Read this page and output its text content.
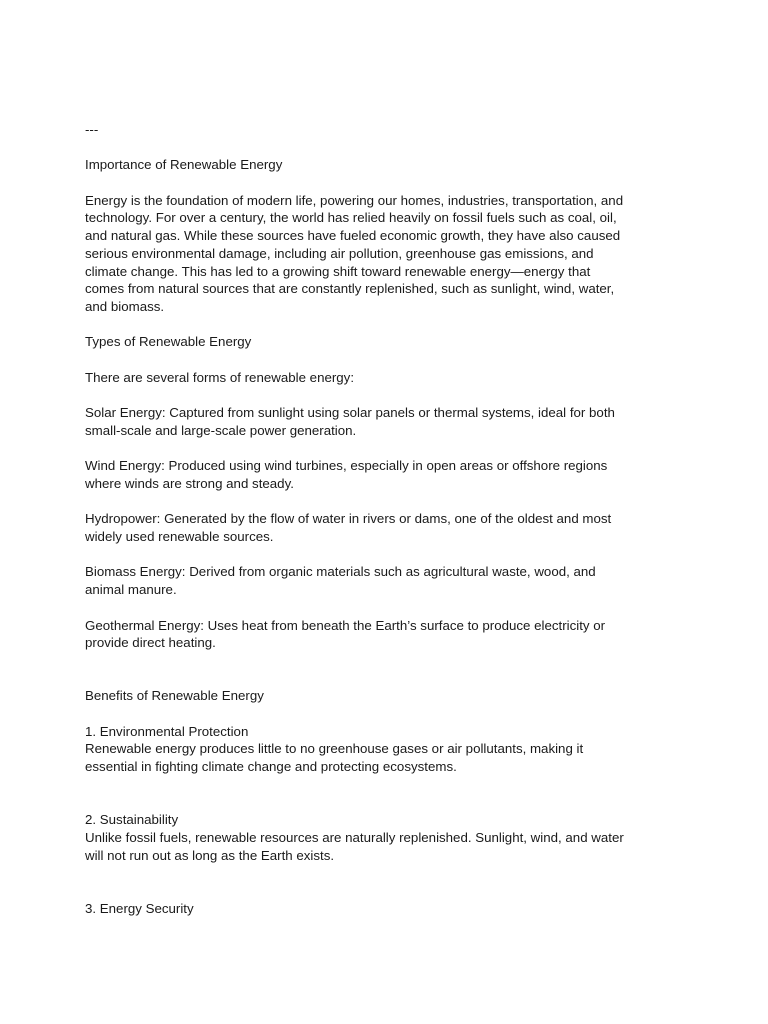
---

Importance of Renewable Energy

Energy is the foundation of modern life, powering our homes, industries, transportation, and
technology. For over a century, the world has relied heavily on fossil fuels such as coal, oil,
and natural gas. While these sources have fueled economic growth, they have also caused
serious environmental damage, including air pollution, greenhouse gas emissions, and
climate change. This has led to a growing shift toward renewable energy—energy that
comes from natural sources that are constantly replenished, such as sunlight, wind, water,
and biomass.

Types of Renewable Energy

There are several forms of renewable energy:

Solar Energy: Captured from sunlight using solar panels or thermal systems, ideal for both
small-scale and large-scale power generation.

Wind Energy: Produced using wind turbines, especially in open areas or offshore regions
where winds are strong and steady.

Hydropower: Generated by the flow of water in rivers or dams, one of the oldest and most
widely used renewable sources.

Biomass Energy: Derived from organic materials such as agricultural waste, wood, and
animal manure.

Geothermal Energy: Uses heat from beneath the Earth’s surface to produce electricity or
provide direct heating.

Benefits of Renewable Energy

1. Environmental Protection
Renewable energy produces little to no greenhouse gases or air pollutants, making it
essential in fighting climate change and protecting ecosystems.

2. Sustainability
Unlike fossil fuels, renewable resources are naturally replenished. Sunlight, wind, and water
will not run out as long as the Earth exists.

3. Energy Security
